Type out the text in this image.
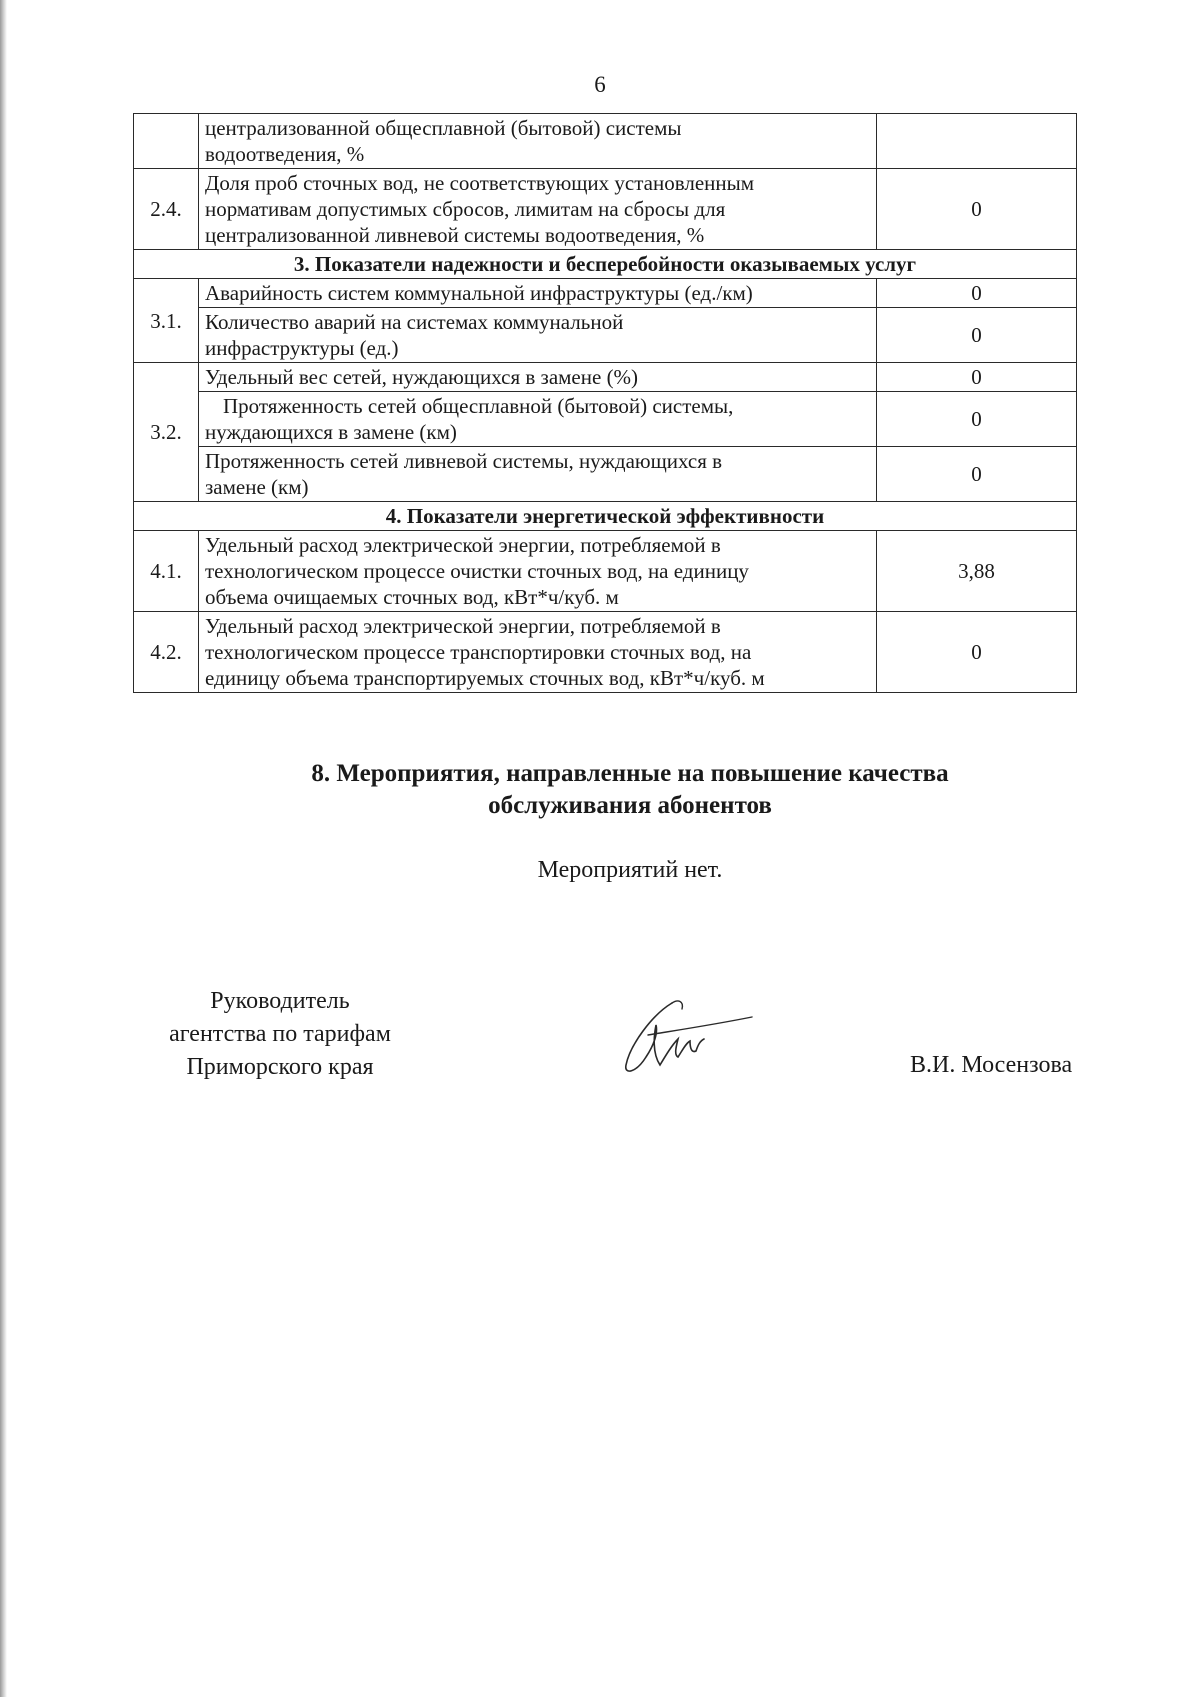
6

	централизованной общесплавной (бытовой) системы
водоотведения, %	

2.4.	Доля проб сточных вод, не соответствующих установленным
нормативам допустимых сбросов, лимитам на сбросы для
централизованной ливневой системы водоотведения, %	0
3. Показатели надежности и бесперебойности оказываемых услуг		
3.1.	Аварийность систем коммунальной инфраструктуры (ед./км)	0

	Количество аварий на системах коммунальной
инфраструктуры (ед.)	0
3.2.	Удельный вес сетей, нуждающихся в замене (%)	0

	Протяженность сетей общесплавной (бытовой) системы,
нуждающихся в замене (км)	0

	Протяженность сетей ливневой системы, нуждающихся в
замене (км)	0
4. Показатели энергетической эффективности		
4.1.	Удельный расход электрической энергии, потребляемой в
технологическом процессе очистки сточных вод, на единицу
объема очищаемых сточных вод, кВт*ч/куб. м	3,88
4.2.	Удельный расход электрической энергии, потребляемой в
технологическом процессе транспортировки сточных вод, на
единицу объема транспортируемых сточных вод, кВт*ч/куб. м	0
8. Мероприятия, направленные на повышение качества
обслуживания абонентов
Мероприятий нет.
Руководитель
агентства по тарифам
Приморского края	В.И. Мосензова
